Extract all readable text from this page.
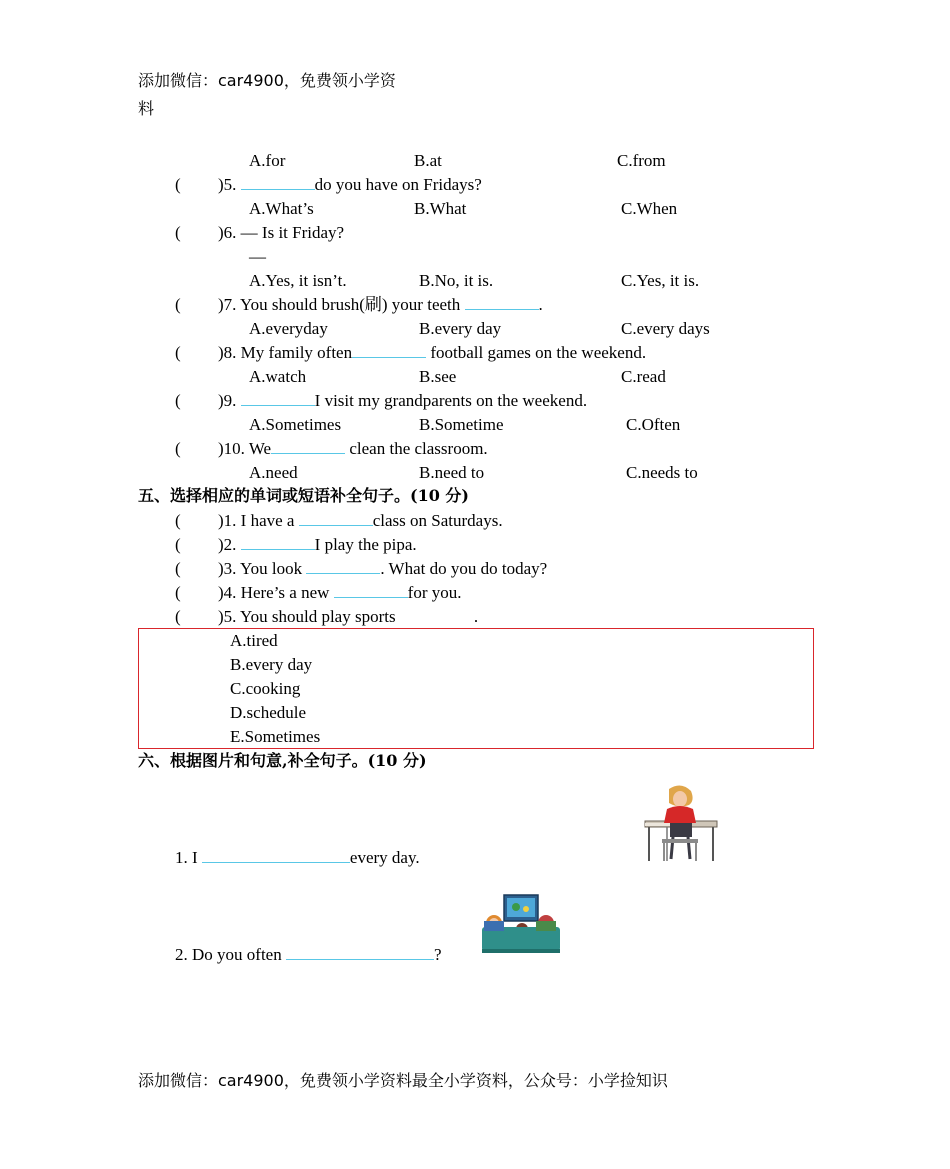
添加微信：car4900，免费领小学资
料
A.for	B.at	C.from
( )5.	do you have on Fridays?
A.What’s	B.What	C.When
( )6. — Is it Friday?
—
A.Yes, it isn’t.	B.No, it is.	C.Yes, it is.
( )7. You should brush(刷) your teeth	.
A.everyday	B.every day	C.every days
( )8. My family often	football games on the weekend.
A.watch	B.see	C.read
( )9.	I visit my grandparents on the weekend.
A.Sometimes	B.Sometime	C.Often
( )10. We	clean the classroom.
A.need	B.need to	C.needs to
五、选择相应的单词或短语补全句子。(10 分)
( )1. I have a	class on Saturdays.
( )2.	I play the pipa.
( )3. You look	. What do you do today?
( )4. Here’s a new	for you.
( )5. You should play sports	.
A.tired
B.every day
C.cooking
D.schedule
E.Sometimes
六、根据图片和句意,补全句子。(10 分)
1. I	every day.
2. Do you often	?
添加微信：car4900，免费领小学资料最全小学资料，公众号：小学捡知识
